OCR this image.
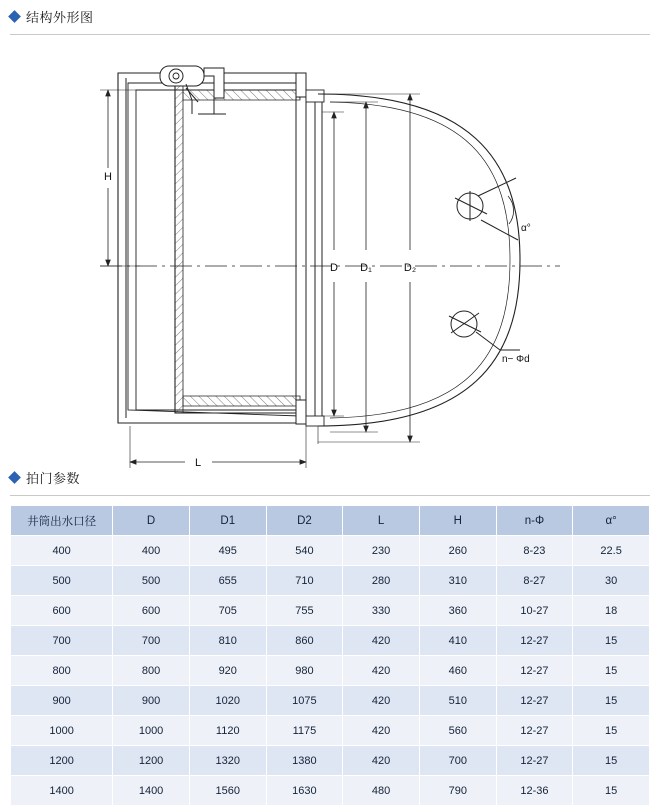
结构外形图
H
L
D D₁	D₂
α°
n− Φd
拍门参数
井筒出水口径	D	D1	D2	L	H	n-Φ	α°
400	400	495	540	230	260	8-23	22.5
500	500	655	710	280	310	8-27	30
600	600	705	755	330	360	10-27	18
700	700	810	860	420	410	12-27	15
800	800	920	980	420	460	12-27	15
900	900	1020	1075	420	510	12-27	15
1000	1000	1120	1175	420	560	12-27	15
1200	1200	1320	1380	420	700	12-27	15
1400	1400	1560	1630	480	790	12-36	15
